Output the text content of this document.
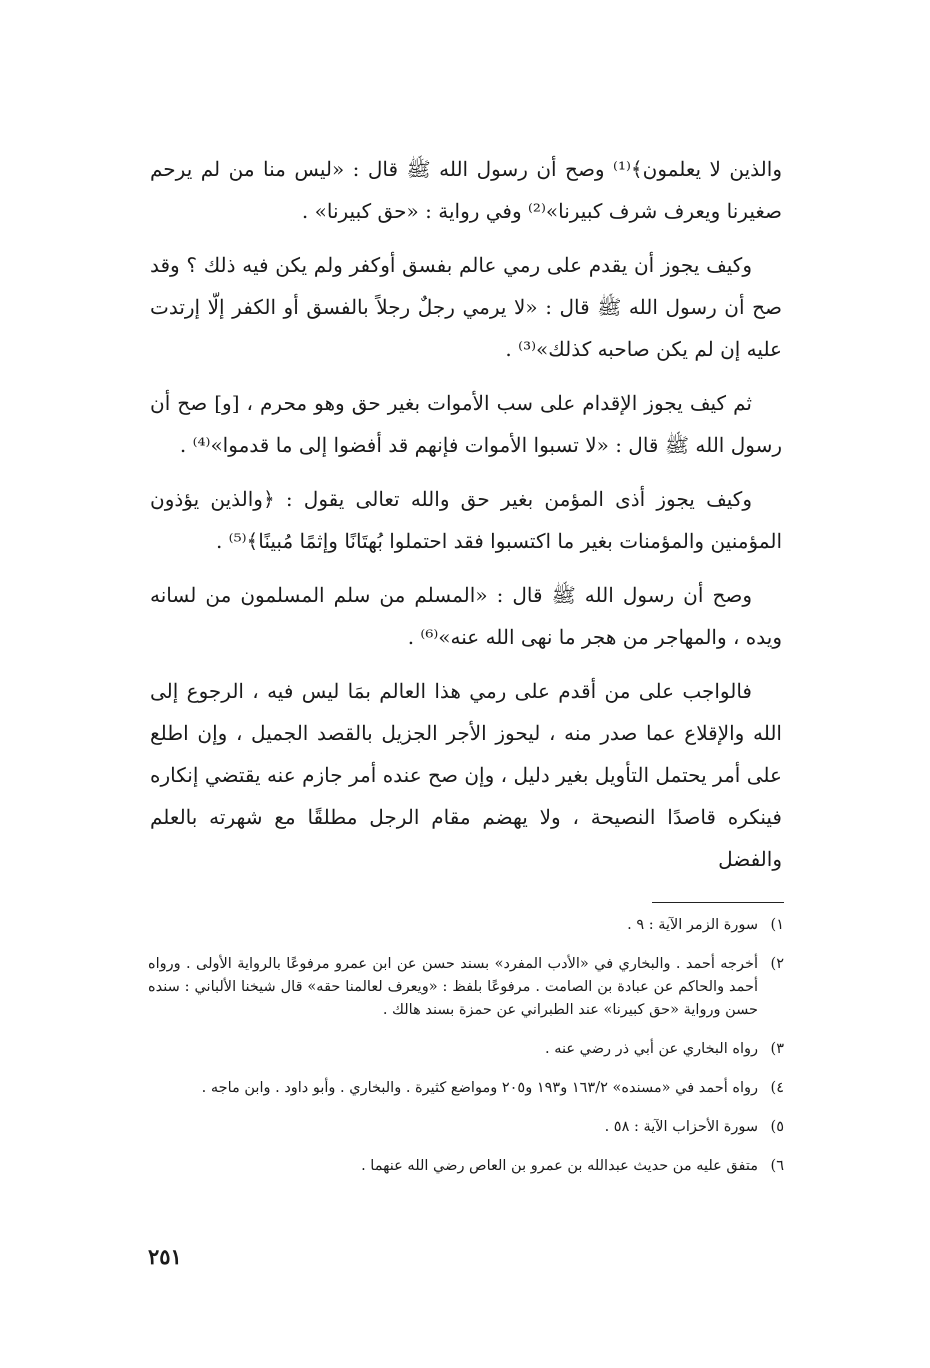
والذين لا يعلمون﴾⁽¹⁾ وصح أن رسول الله ﷺ قال : «ليس منا من لم يرحم صغيرنا ويعرف شرف كبيرنا»⁽²⁾ وفي رواية : «حق كبيرنا» .

وكيف يجوز أن يقدم على رمي عالم بفسق أوكفر ولم يكن فيه ذلك ؟ وقد صح أن رسول الله ﷺ قال : «لا يرمي رجلٌ رجلاً بالفسق أو الكفر إلّا إرتدت عليه إن لم يكن صاحبه كذلك»⁽³⁾ .

ثم كيف يجوز الإقدام على سب الأموات بغير حق وهو محرم ، [و] صح أن رسول الله ﷺ قال : «لا تسبوا الأموات فإنهم قد أفضوا إلى ما قدموا»⁽⁴⁾ .

وكيف يجوز أذى المؤمن بغير حق والله تعالى يقول : ﴿والذين يؤذون المؤمنين والمؤمنات بغير ما اكتسبوا فقد احتملوا بُهتَانًا وإثمًا مُبينًا﴾⁽⁵⁾ .

وصح أن رسول الله ﷺ قال : «المسلم من سلم المسلمون من لسانه ويده ، والمهاجر من هجر ما نهى الله عنه»⁽⁶⁾ .

فالواجب على من أقدم على رمي هذا العالم بمَا ليس فيه ، الرجوع إلى الله والإقلاع عما صدر منه ، ليحوز الأجر الجزيل بالقصد الجميل ، وإن اطلع على أمر يحتمل التأويل بغير دليل ، وإن صح عنده أمر جازم عنه يقتضي إنكاره فينكره قاصدًا النصيحة ، ولا يهضم مقام الرجل مطلقًا مع شهرته بالعلم والفضل

١)
سورة الزمر الآية : ٩ .
٢)
أخرجه أحمد . والبخاري في «الأدب المفرد» بسند حسن عن ابن عمرو مرفوعًا بالرواية الأولى . ورواه أحمد والحاكم عن عبادة بن الصامت . مرفوعًا بلفظ : «ويعرف لعالمنا حقه» قال شيخنا الألباني : سنده حسن ورواية «حق كبيرنا» عند الطبراني عن حمزة بسند هالك .
٣)
رواه البخاري عن أبي ذر رضي عنه .
٤)
رواه أحمد في «مسنده» ١٦٣/٢ و١٩٣ و٢٠٥ ومواضع كثيرة . والبخاري . وأبو داود . وابن ماجه .
٥)
سورة الأحزاب الآية : ٥٨ .
٦)
متفق عليه من حديث عبدالله بن عمرو بن العاص رضي الله عنهما .
٢٥١
